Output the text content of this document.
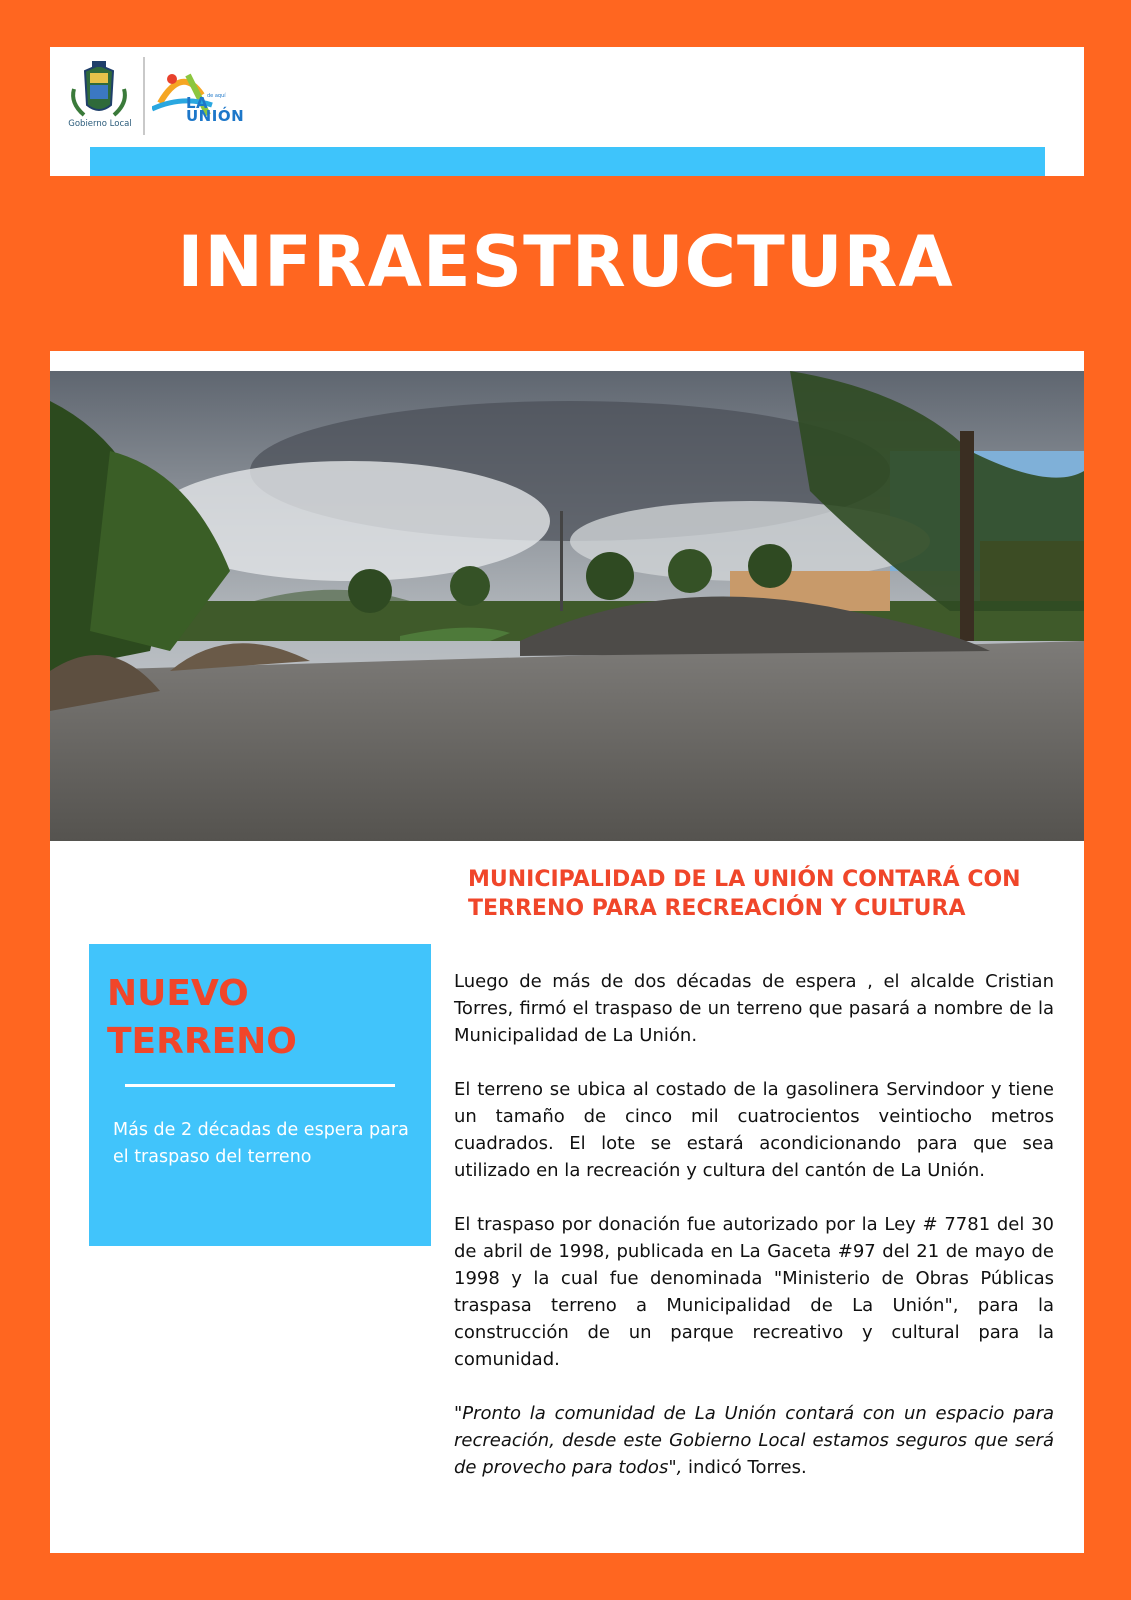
Gobierno Local
LA
UNIÓN
de aquí
INFRAESTRUCTURA
MUNICIPALIDAD DE LA UNIÓN CONTARÁ CON TERRENO PARA RECREACIÓN Y CULTURA
NUEVO
TERRENO
Más de 2 décadas de espera para el traspaso del terreno

Luego de más de dos décadas de espera , el alcalde Cristian Torres, firmó el traspaso de un terreno que pasará a nombre de la Municipalidad de La Unión.

El terreno se ubica al costado de la gasolinera Servindoor y tiene un tamaño de cinco mil cuatrocientos veintiocho metros cuadrados. El lote se estará acondicionando para que sea utilizado en la recreación y cultura del cantón de La Unión.

El traspaso por donación fue autorizado por la Ley # 7781 del 30 de abril de 1998, publicada en La Gaceta #97 del 21 de mayo de 1998 y la cual fue denominada "Ministerio de Obras Públicas traspasa terreno a Municipalidad de La Unión", para la construcción de un parque recreativo y cultural para la comunidad.

"Pronto la comunidad de La Unión contará con un espacio para recreación, desde este Gobierno Local estamos seguros que será de provecho para todos", indicó Torres.
